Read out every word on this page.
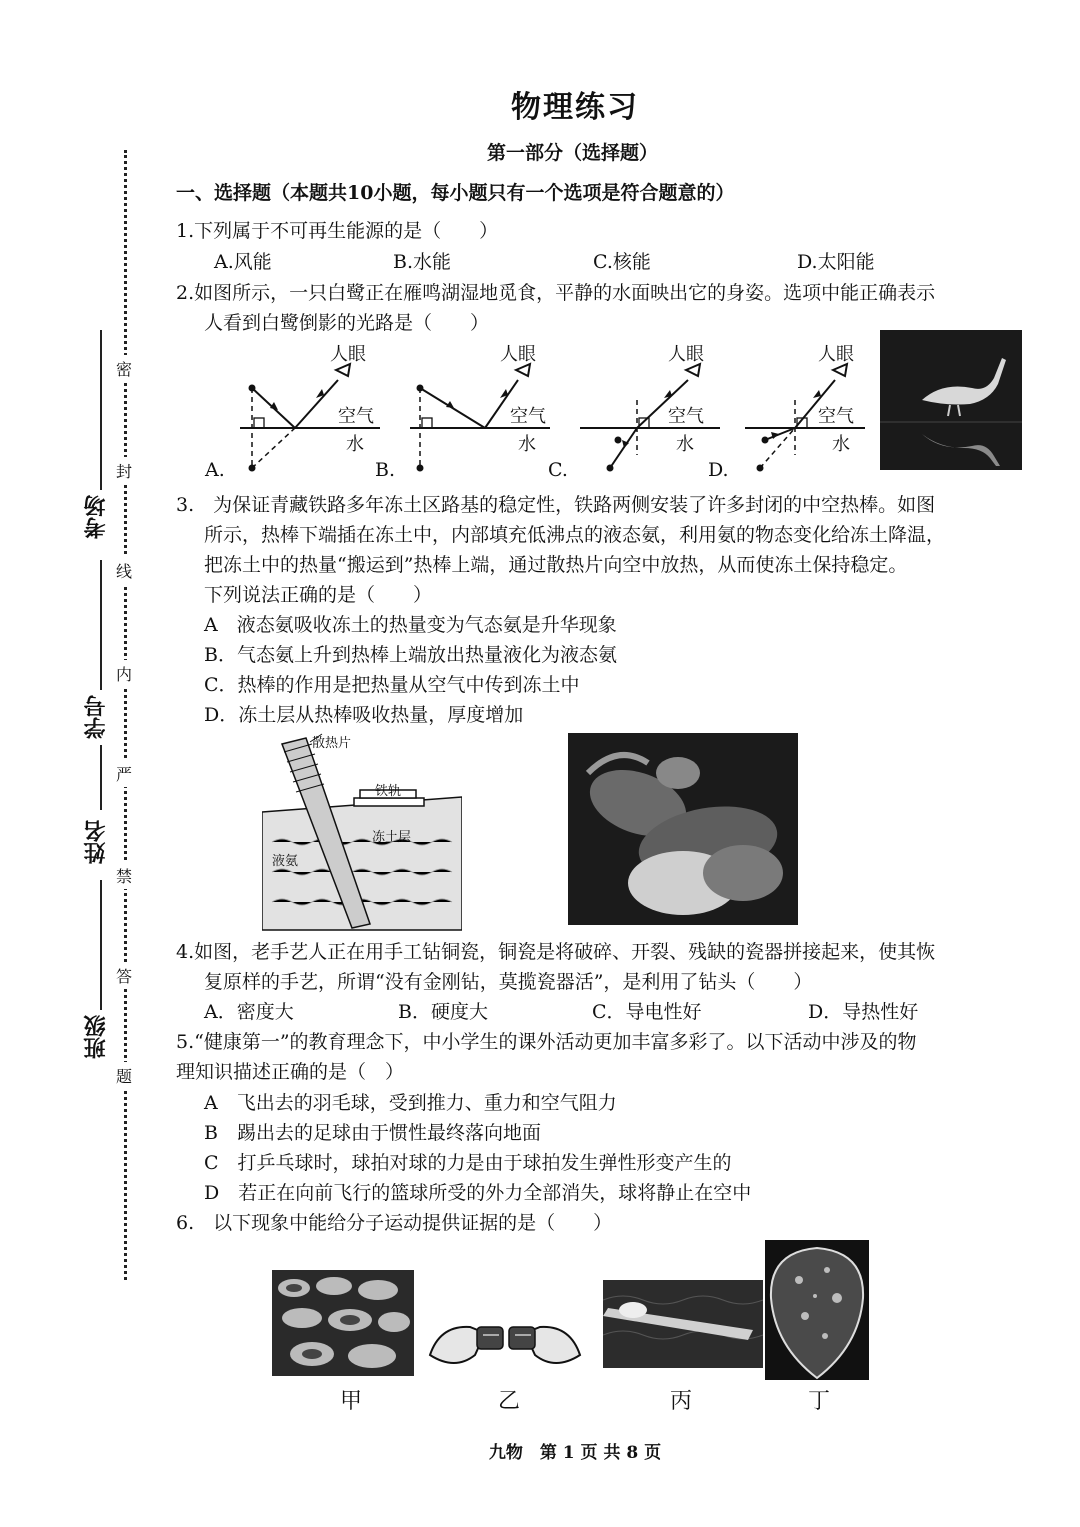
密
封
线
内
严
禁
答
题
考场
学号
姓名
班级
物理练习
第一部分（选择题）
一、选择题（本题共10小题，每小题只有一个选项是符合题意的）
1.下列属于不可再生能源的是（　　）
A.风能	B.水能	C.核能	D.太阳能
2.如图所示，一只白鹭正在雁鸣湖湿地觅食，平静的水面映出它的身姿。选项中能正确表示
人看到白鹭倒影的光路是（　　）
人眼
空气
水
A.
人眼
空气
水
B.
人眼
空气
水
C.
人眼
空气
水
D.
3.　为保证青藏铁路多年冻土区路基的稳定性，铁路两侧安装了许多封闭的中空热棒。如图
所示，热棒下端插在冻土中，内部填充低沸点的液态氨，利用氨的物态变化给冻土降温，
把冻土中的热量“搬运到”热棒上端，通过散热片向空中放热，从而使冻土保持稳定。
下列说法正确的是（　　）
A　液态氨吸收冻土的热量变为气态氨是升华现象
B．气态氨上升到热棒上端放出热量液化为液态氨
C．热棒的作用是把热量从空气中传到冻土中
D．冻土层从热棒吸收热量，厚度增加
散热片
铁轨
冻土层
液氨
4.如图，老手艺人正在用手工钻铜瓷，铜瓷是将破碎、开裂、残缺的瓷器拼接起来，使其恢
复原样的手艺，所谓“没有金刚钻，莫揽瓷器活”，是利用了钻头（　　）
A．密度大	B．硬度大	C．导电性好	D．导热性好
5.“健康第一”的教育理念下，中小学生的课外活动更加丰富多彩了。以下活动中涉及的物
理知识描述正确的是（　）
A　飞出去的羽毛球，受到推力、重力和空气阻力
B　踢出去的足球由于惯性最终落向地面
C　打乒乓球时，球拍对球的力是由于球拍发生弹性形变产生的
D　若正在向前飞行的篮球所受的外力全部消失，球将静止在空中
6.　以下现象中能给分子运动提供证据的是（　　）
甲	乙	丙	丁
九物　第 1 页 共 8 页
